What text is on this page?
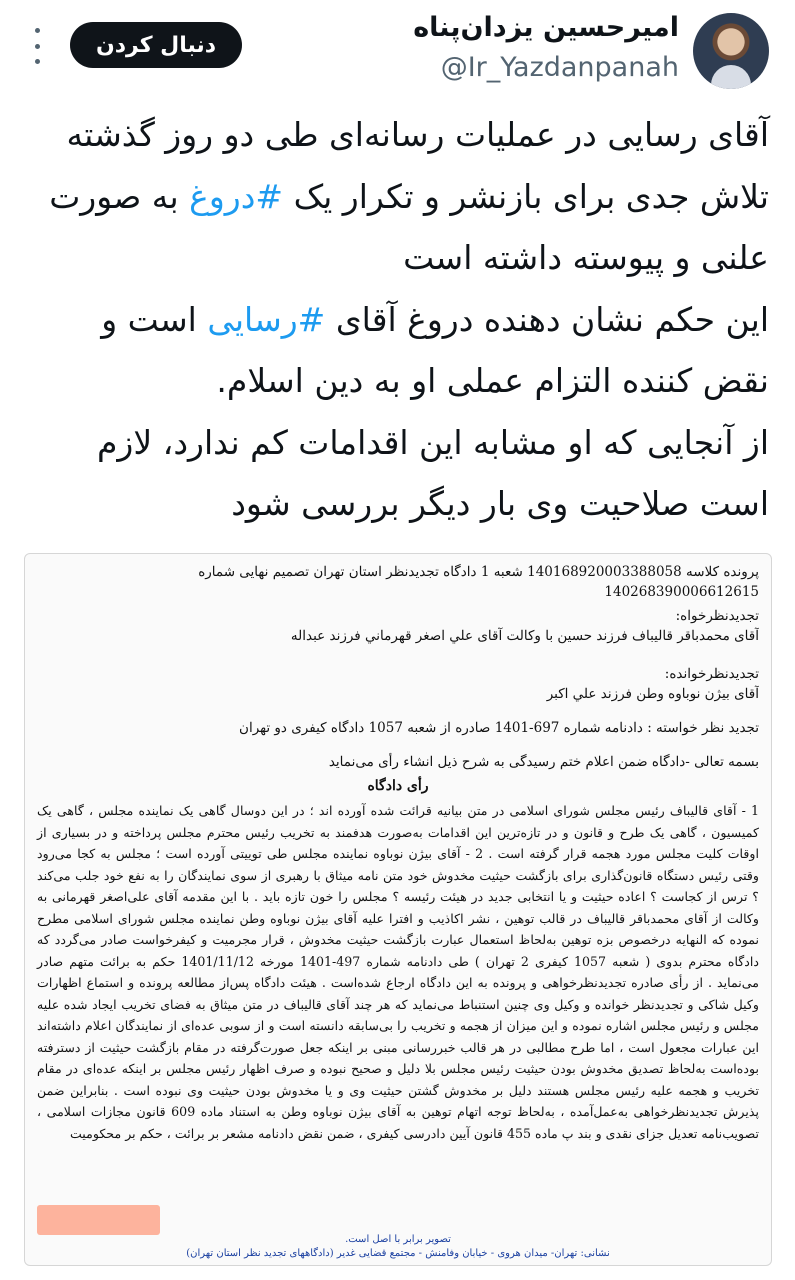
امیرحسین یزدان‌پناه
@Ir_Yazdanpanah
دنبال کردن
آقای رسایی در عملیات رسانه‌ای طی دو روز گذشته
تلاش جدی برای بازنشر و تکرار یک #دروغ به صورت
علنی و پیوسته داشته است
این حکم نشان دهنده دروغ آقای #رسایی است و
نقض کننده التزام عملی او به دین اسلام.
از آنجایی که او مشابه این اقدامات کم ندارد، لازم
است صلاحیت وی بار دیگر بررسی شود
پرونده کلاسه 140168920003388058 شعبه 1 دادگاه تجدیدنظر استان تهران تصمیم نهایی شماره
140268390006612615
تجدیدنظرخواه:
آقای محمدباقر قالیباف فرزند حسین با وکالت آقای علي اصغر قهرماني فرزند عبداله
تجدیدنظرخوانده:
آقای بیژن نوباوه وطن فرزند علي اكبر
تجدید نظر خواسته : دادنامه شماره 697-1401 صادره از شعبه 1057 دادگاه کیفری دو تهران
بسمه تعالی -دادگاه ضمن اعلام ختم رسیدگی به شرح ذیل انشاء رأی می‌نماید
رأی دادگاه
1 - آقای قالیباف رئیس مجلس شورای اسلامی در متن بیانیه قرائت شده آورده اند ؛ در این دوسال گاهی یک نماینده مجلس ، گاهی یک کمیسیون ، گاهی یک طرح و قانون و در تازه‌ترین این اقدامات به‌صورت هدفمند به تخریب رئیس محترم مجلس پرداخته و در بسیاری از اوقات کلیت مجلس مورد هجمه قرار گرفته است . 2 - آقای بیژن نوباوه نماینده مجلس طی توییتی آورده است ؛ مجلس به کجا می‌رود وقتی رئیس دستگاه قانون‌گذاری برای بازگشت حیثیت مخدوش خود متن نامه میثاق با رهبری از سوی نمایندگان را به نفع خود جلب می‌کند ؟ ترس از کجاست ؟ اعاده حیثیت و یا انتخابی جدید در هیئت رئیسه ؟ مجلس را خون تازه باید . با این مقدمه آقای علی‌اصغر قهرمانی به وکالت از آقای محمدباقر قالیباف در قالب توهین ، نشر اکاذیب و افترا علیه آقای بیژن نوباوه وطن نماینده مجلس شورای اسلامی مطرح نموده که النهایه درخصوص بزه توهین به‌لحاظ استعمال عبارت بازگشت حیثیت مخدوش ، قرار مجرمیت و کیفرخواست صادر می‌گردد که دادگاه محترم بدوی ( شعبه 1057 کیفری 2 تهران ) طی دادنامه شماره 497-1401 مورخه 1401/11/12 حکم به برائت متهم صادر می‌نماید . از رأی صادره تجدیدنظرخواهی و پرونده به این دادگاه ارجاع شده‌است . هیئت دادگاه پس‌از مطالعه پرونده و استماع اظهارات وکیل شاکی و تجدیدنظر خوانده و وکیل وی چنین استنباط می‌نماید که هر چند آقای قالیباف در متن میثاق به فضای تخریب ایجاد شده علیه مجلس و رئیس مجلس اشاره نموده و این میزان از هجمه و تخریب را بی‌سابقه دانسته است و از سوبی عده‌ای از نمایندگان اعلام داشته‌اند این عبارات مجعول است ، اما طرح مطالبی در هر قالب خبررسانی مبنی بر اینکه جعل صورت‌گرفته در مقام بازگشت حیثیت از دسترفته بوده‌است به‌لحاظ تصدیق مخدوش بودن حیثیت رئیس مجلس بلا دلیل و صحیح نبوده و صرف اظهار رئیس مجلس بر اینکه عده‌ای در مقام تخریب و هجمه علیه رئیس مجلس هستند دلیل بر مخدوش گشتن حیثیت وی و یا مخدوش بودن حیثیت وی نبوده است . بنابراین ضمن پذیرش تجدیدنظرخواهی به‌عمل‌آمده ، به‌لحاظ توجه اتهام توهین به آقای بیژن نوباوه وطن به استناد ماده 609 قانون مجازات اسلامی ، تصویب‌نامه تعدیل جزای نقدی و بند پ ماده 455 قانون آیین دادرسی کیفری ، ضمن نقض دادنامه مشعر بر برائت ، حکم بر محکومیت
تصویر برابر با اصل است.
نشانی: تهران- میدان هروی - خیابان وفامنش - مجتمع قضایی غدیر (دادگاههای تجدید نظر استان تهران)
